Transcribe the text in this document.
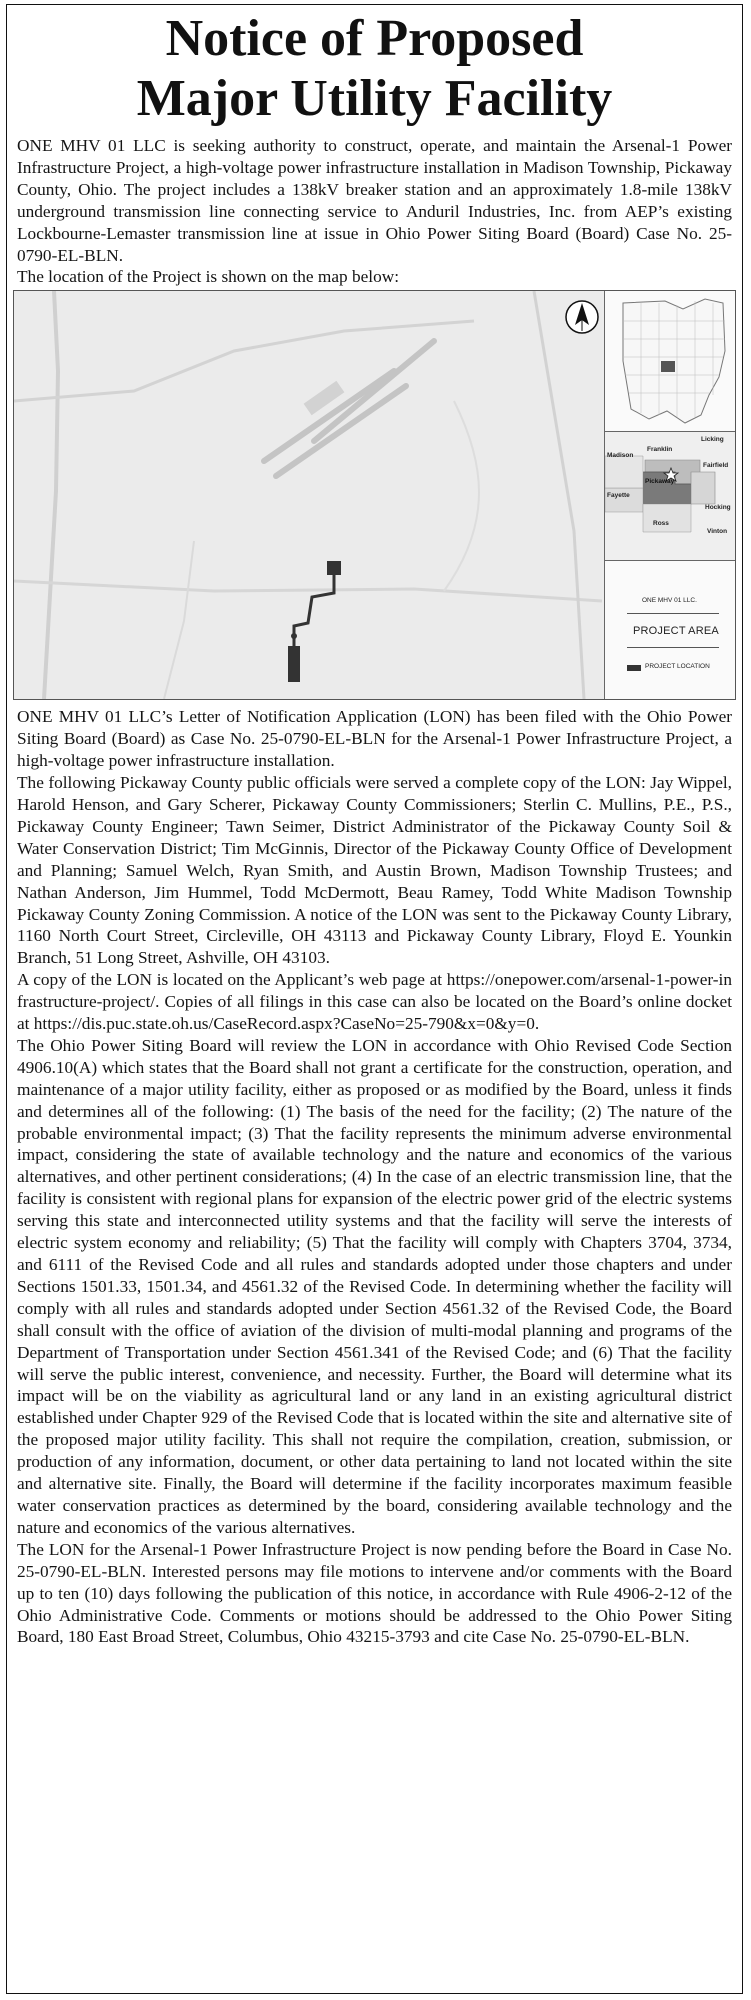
Notice of Proposed
Major Utility Facility

ONE MHV 01 LLC is seeking authority to construct, operate, and maintain the Arsenal-1 Power Infrastructure Project, a high-voltage power infrastructure installation in Madison Township, Pickaway County, Ohio. The project includes a 138kV breaker station and an approximately 1.8-mile 138kV underground transmission line connecting service to Anduril Industries, Inc. from AEP’s existing Lockbourne-Lemaster transmission line at issue in Ohio Power Siting Board (Board) Case No. 25-0790-EL-BLN.

The location of the Project is shown on the map below:

Licking
Franklin
Madison
Fairfield
Pickaway
Fayette
Hocking
Ross
Vinton
ONE MHV 01 LLC.
PROJECT AREA
PROJECT LOCATION

ONE MHV 01 LLC’s Letter of Notification Application (LON) has been filed with the Ohio Power Siting Board (Board) as Case No. 25-0790-EL-BLN for the Arsenal-1 Power Infrastructure Project, a high-voltage power infrastructure installation.

The following Pickaway County public officials were served a complete copy of the LON: Jay Wippel, Harold Henson, and Gary Scherer, Pickaway County Commissioners; Sterlin C. Mullins, P.E., P.S., Pickaway County Engineer; Tawn Seimer, District Administrator of the Pickaway County Soil & Water Conservation District; Tim McGinnis, Director of the Pickaway County Office of Development and Planning; Samuel Welch, Ryan Smith, and Austin Brown, Madison Township Trustees; and Nathan Anderson, Jim Hummel, Todd McDermott, Beau Ramey, Todd White Madison Township Pickaway County Zoning Commission. A notice of the LON was sent to the Pickaway County Library, 1160 North Court Street, Circleville, OH 43113 and Pickaway County Library, Floyd E. Younkin Branch, 51 Long Street, Ashville, OH 43103.

A copy of the LON is located on the Applicant’s web page at https://onepower.com/arsenal-1-power-infrastructure-project/. Copies of all filings in this case can also be located on the Board’s online docket at https://dis.puc.state.oh.us/CaseRecord.aspx?CaseNo=25-790&x=0&y=0.

The Ohio Power Siting Board will review the LON in accordance with Ohio Revised Code Section 4906.10(A) which states that the Board shall not grant a certificate for the construction, operation, and maintenance of a major utility facility, either as proposed or as modified by the Board, unless it finds and determines all of the following: (1) The basis of the need for the facility; (2) The nature of the probable environmental impact; (3) That the facility represents the minimum adverse environmental impact, considering the state of available technology and the nature and economics of the various alternatives, and other pertinent considerations; (4) In the case of an electric transmission line, that the facility is consistent with regional plans for expansion of the electric power grid of the electric systems serving this state and interconnected utility systems and that the facility will serve the interests of electric system economy and reliability; (5) That the facility will comply with Chapters 3704, 3734, and 6111 of the Revised Code and all rules and standards adopted under those chapters and under Sections 1501.33, 1501.34, and 4561.32 of the Revised Code. In determining whether the facility will comply with all rules and standards adopted under Section 4561.32 of the Revised Code, the Board shall consult with the office of aviation of the division of multi-modal planning and programs of the Department of Transportation under Section 4561.341 of the Revised Code; and (6) That the facility will serve the public interest, convenience, and necessity. Further, the Board will determine what its impact will be on the viability as agricultural land or any land in an existing agricultural district established under Chapter 929 of the Revised Code that is located within the site and alternative site of the proposed major utility facility. This shall not require the compilation, creation, submission, or production of any information, document, or other data pertaining to land not located within the site and alternative site. Finally, the Board will determine if the facility incorporates maximum feasible water conservation practices as determined by the board, considering available technology and the nature and economics of the various alternatives.

The LON for the Arsenal-1 Power Infrastructure Project is now pending before the Board in Case No. 25-0790-EL-BLN. Interested persons may file motions to intervene and/or comments with the Board up to ten (10) days following the publication of this notice, in accordance with Rule 4906-2-12 of the Ohio Administrative Code. Comments or motions should be addressed to the Ohio Power Siting Board, 180 East Broad Street, Columbus, Ohio 43215-3793 and cite Case No. 25-0790-EL-BLN.
